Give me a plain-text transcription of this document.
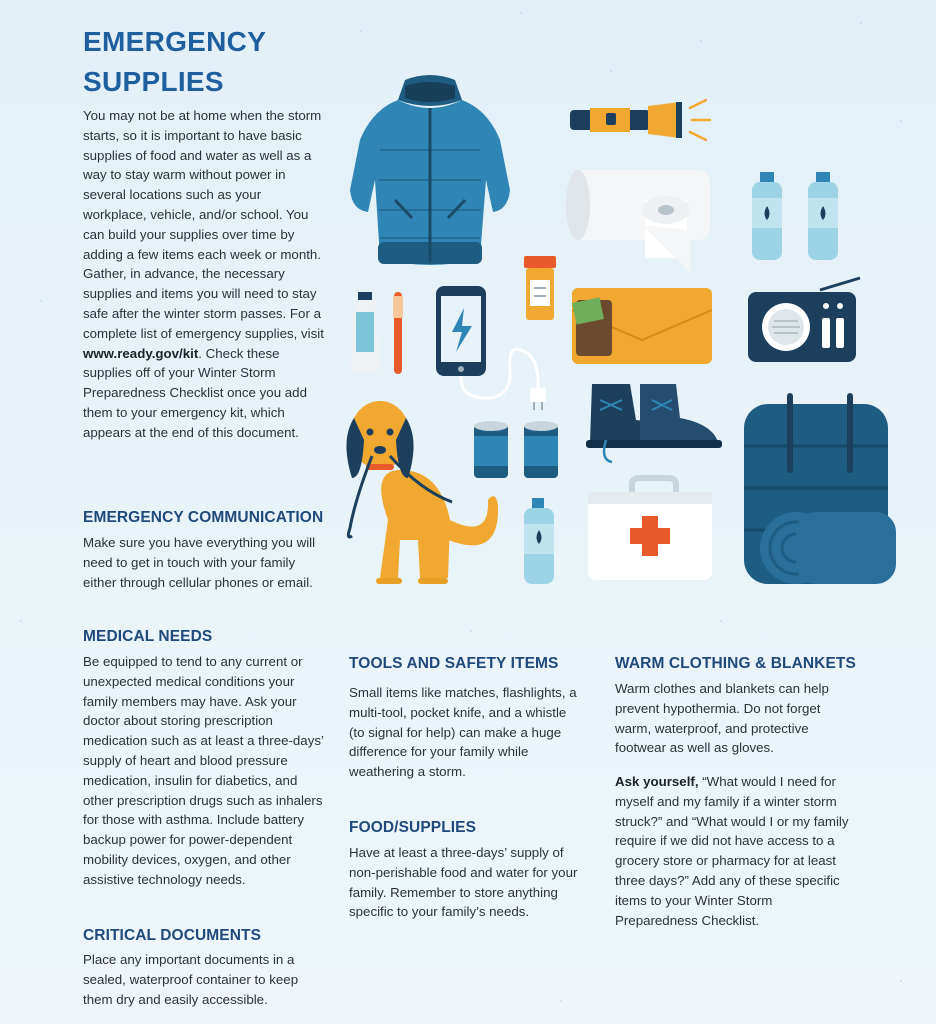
EMERGENCY
SUPPLIES

You may not be at home when the storm starts, so it is important to have basic supplies of food and water as well as a way to stay warm without power in several locations such as your workplace, vehicle, and/or school. You can build your supplies over time by adding a few items each week or month. Gather, in advance, the necessary supplies and items you will need to stay safe after the winter storm passes. For a complete list of emergency supplies, visit www.ready.gov/kit. Check these supplies off of your Winter Storm Preparedness Checklist once you add them to your emergency kit, which appears at the end of this document.

EMERGENCY COMMUNICATION

Make sure you have everything you will need to get in touch with your family either through cellular phones or email.

MEDICAL NEEDS

Be equipped to tend to any current or unexpected medical conditions your family members may have. Ask your doctor about storing prescription medication such as at least a three-days’ supply of heart and blood pressure medication, insulin for diabetics, and other prescription drugs such as inhalers for those with asthma. Include battery backup power for power-dependent mobility devices, oxygen, and other assistive technology needs.

CRITICAL DOCUMENTS

Place any important documents in a sealed, waterproof container to keep them dry and easily accessible.

TOOLS AND SAFETY ITEMS

Small items like matches, flashlights, a multi-tool, pocket knife, and a whistle (to signal for help) can make a huge difference for your family while weathering a storm.

FOOD/SUPPLIES

Have at least a three-days’ supply of non-perishable food and water for your family. Remember to store anything specific to your family’s needs.

WARM CLOTHING & BLANKETS

Warm clothes and blankets can help prevent hypothermia. Do not forget warm, waterproof, and protective footwear as well as gloves.

Ask yourself, “What would I need for myself and my family if a winter storm struck?” and “What would I or my family require if we did not have access to a grocery store or pharmacy for at least three days?” Add any of these specific items to your Winter Storm Preparedness Checklist.
